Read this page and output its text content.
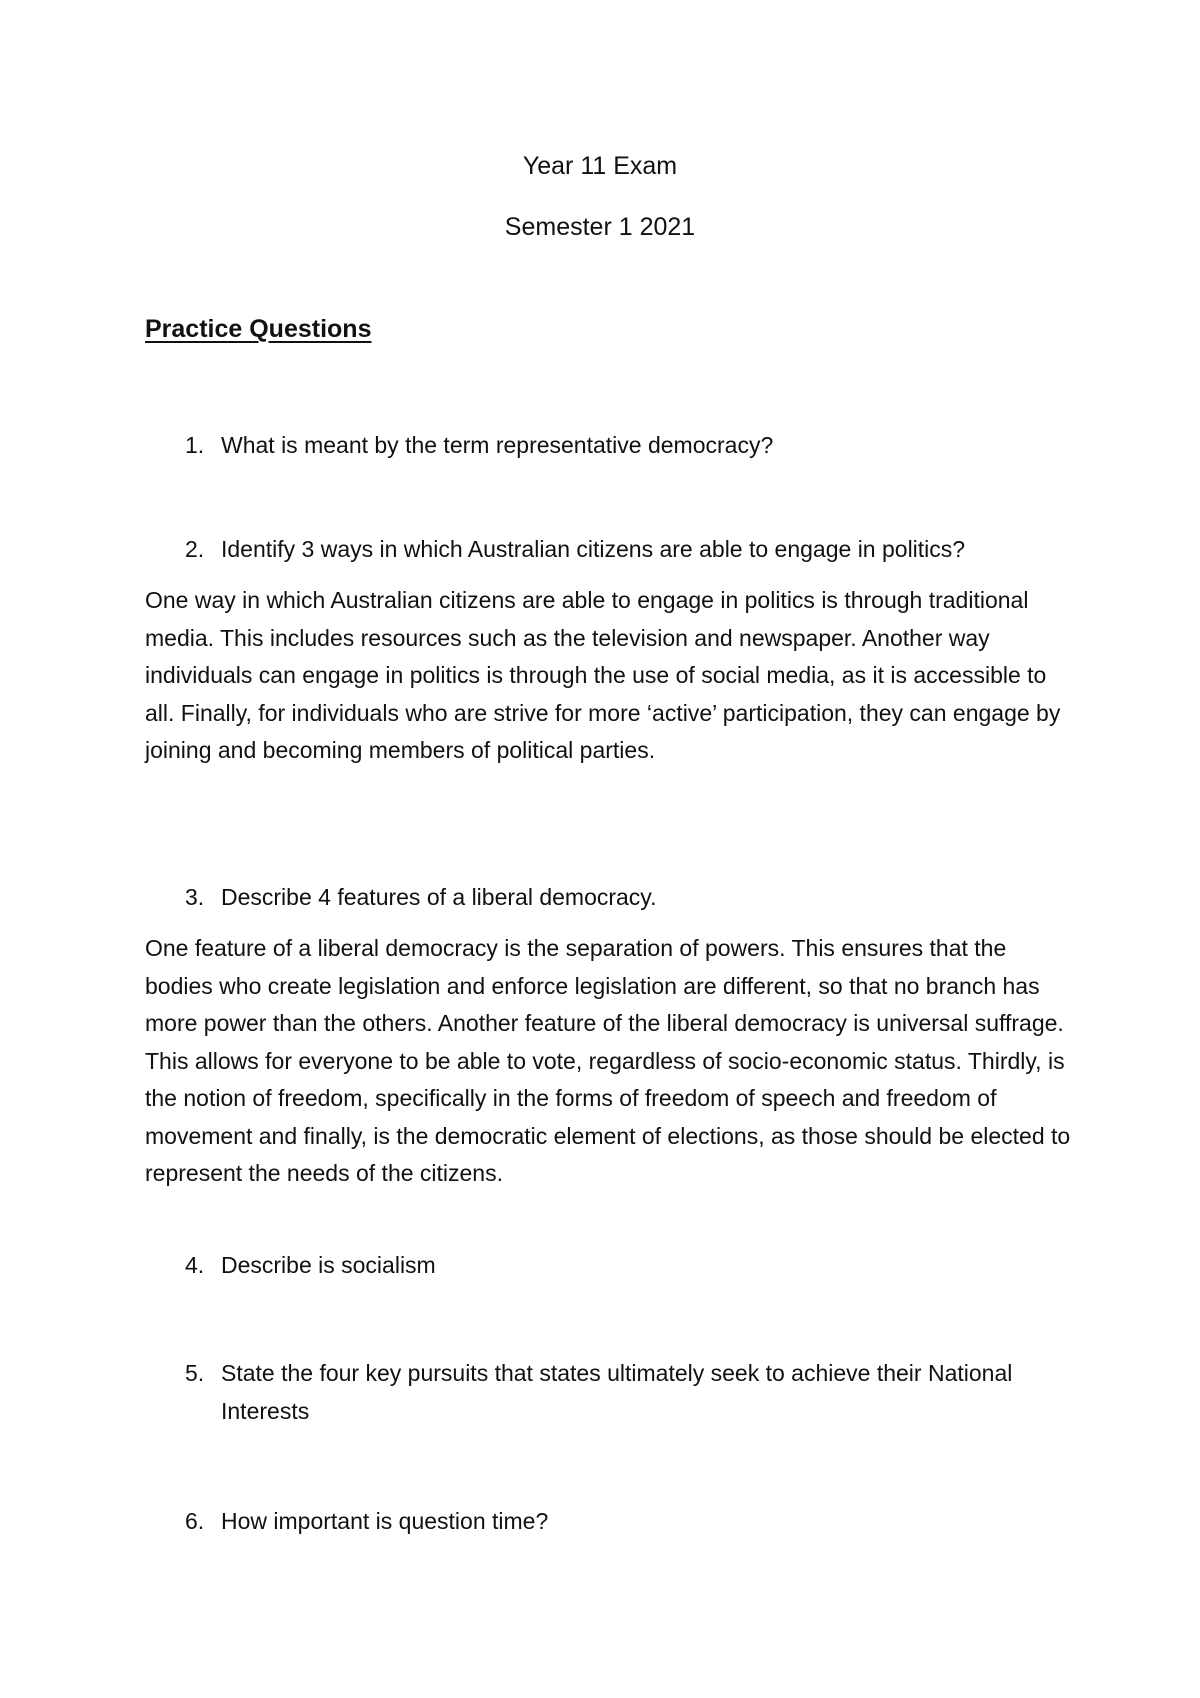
Year 11 Exam
Semester 1 2021
Practice Questions
1. What is meant by the term representative democracy?
2. Identify 3 ways in which Australian citizens are able to engage in politics?

One way in which Australian citizens are able to engage in politics is through traditional media. This includes resources such as the television and newspaper. Another way individuals can engage in politics is through the use of social media, as it is accessible to all. Finally, for individuals who are strive for more ‘active’ participation, they can engage by joining and becoming members of political parties.

3. Describe 4 features of a liberal democracy.

One feature of a liberal democracy is the separation of powers. This ensures that the bodies who create legislation and enforce legislation are different, so that no branch has more power than the others. Another feature of the liberal democracy is universal suffrage. This allows for everyone to be able to vote, regardless of socio-economic status. Thirdly, is the notion of freedom, specifically in the forms of freedom of speech and freedom of movement and finally, is the democratic element of elections, as those should be elected to represent the needs of the citizens.

4. Describe is socialism
5. State the four key pursuits that states ultimately seek to achieve their National Interests
6. How important is question time?
